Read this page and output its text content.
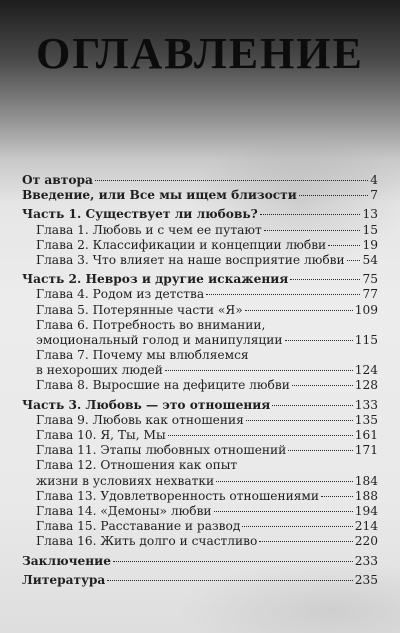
ОГЛАВЛЕНИЕ
От автора	4
Введение, или Все мы ищем близости	7
Часть 1. Существует ли любовь?	13
Глава 1. Любовь и с чем ее путают	15
Глава 2. Классификации и концепции любви	19
Глава 3. Что влияет на наше восприятие любви 54
Часть 2. Невроз и другие искажения	75
Глава 4. Родом из детства	77
Глава 5. Потерянные части «Я»	109
Глава 6. Потребность во внимании,
эмоциональный голод и манипуляции	115
Глава 7. Почему мы влюбляемся
в нехороших людей	124
Глава 8. Выросшие на дефиците любви	128
Часть 3. Любовь — это отношения	133
Глава 9. Любовь как отношения	135
Глава 10. Я, Ты, Мы	161
Глава 11. Этапы любовных отношений	171
Глава 12. Отношения как опыт
жизни в условиях нехватки	184
Глава 13. Удовлетворенность отношениями	188
Глава 14. «Демоны» любви	194
Глава 15. Расставание и развод	214
Глава 16. Жить долго и счастливо	220
Заключение	233
Литература	235
